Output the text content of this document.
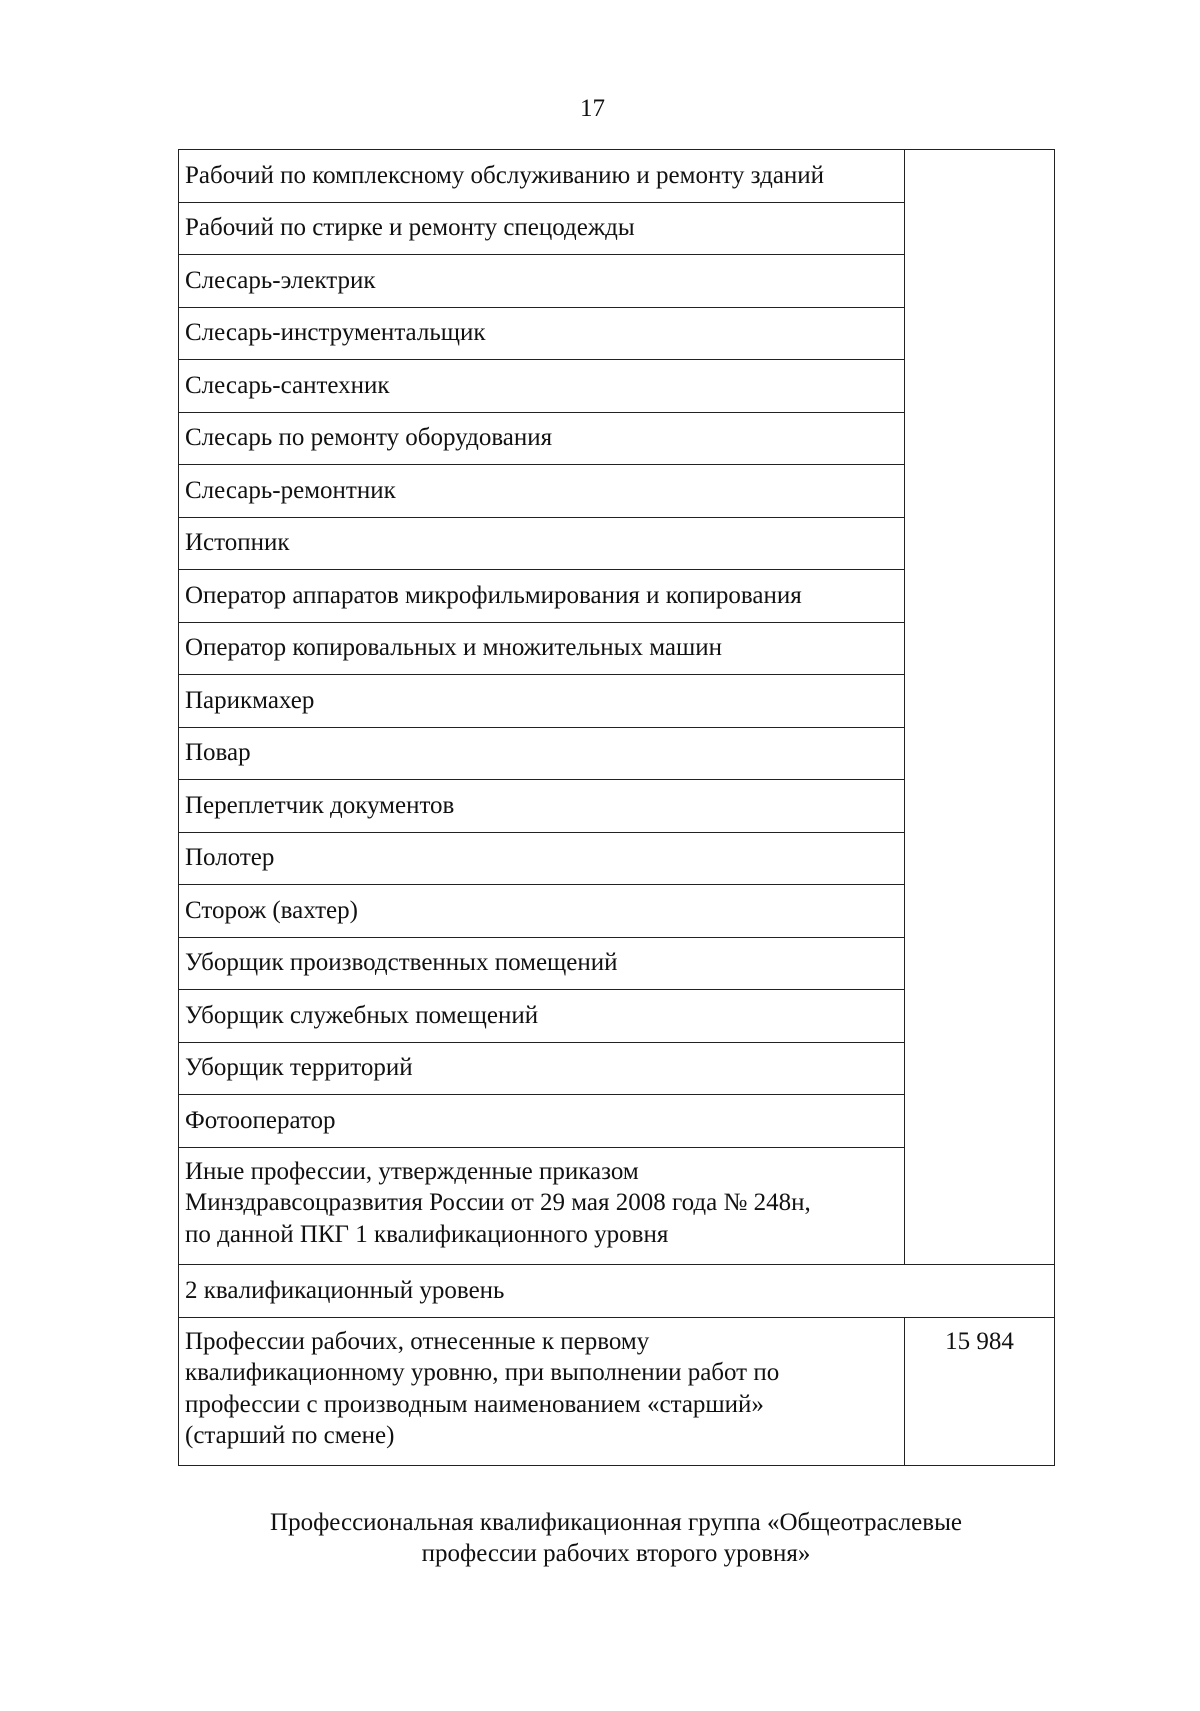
17
Рабочий по комплексному обслуживанию и ремонту зданий	
Рабочий по стирке и ремонту спецодежды	
Слесарь-электрик	
Слесарь-инструментальщик	
Слесарь-сантехник	
Слесарь по ремонту оборудования	
Слесарь-ремонтник	
Истопник	
Оператор аппаратов микрофильмирования и копирования	
Оператор копировальных и множительных машин	
Парикмахер	
Повар	
Переплетчик документов	
Полотер	
Сторож (вахтер)	
Уборщик производственных помещений	
Уборщик служебных помещений	
Уборщик территорий	
Фотооператор	

Иные профессии, утвержденные приказом
Минздравсоцразвития России от 29 мая 2008 года № 248н,
по данной ПКГ 1 квалификационного уровня	

2 квалификационный уровень	

Профессии рабочих, отнесенные к первому
квалификационному уровню, при выполнении работ по
профессии с производным наименованием «старший»
(старший по смене)	15 984
Профессиональная квалификационная группа «Общеотраслевые
профессии рабочих второго уровня»
